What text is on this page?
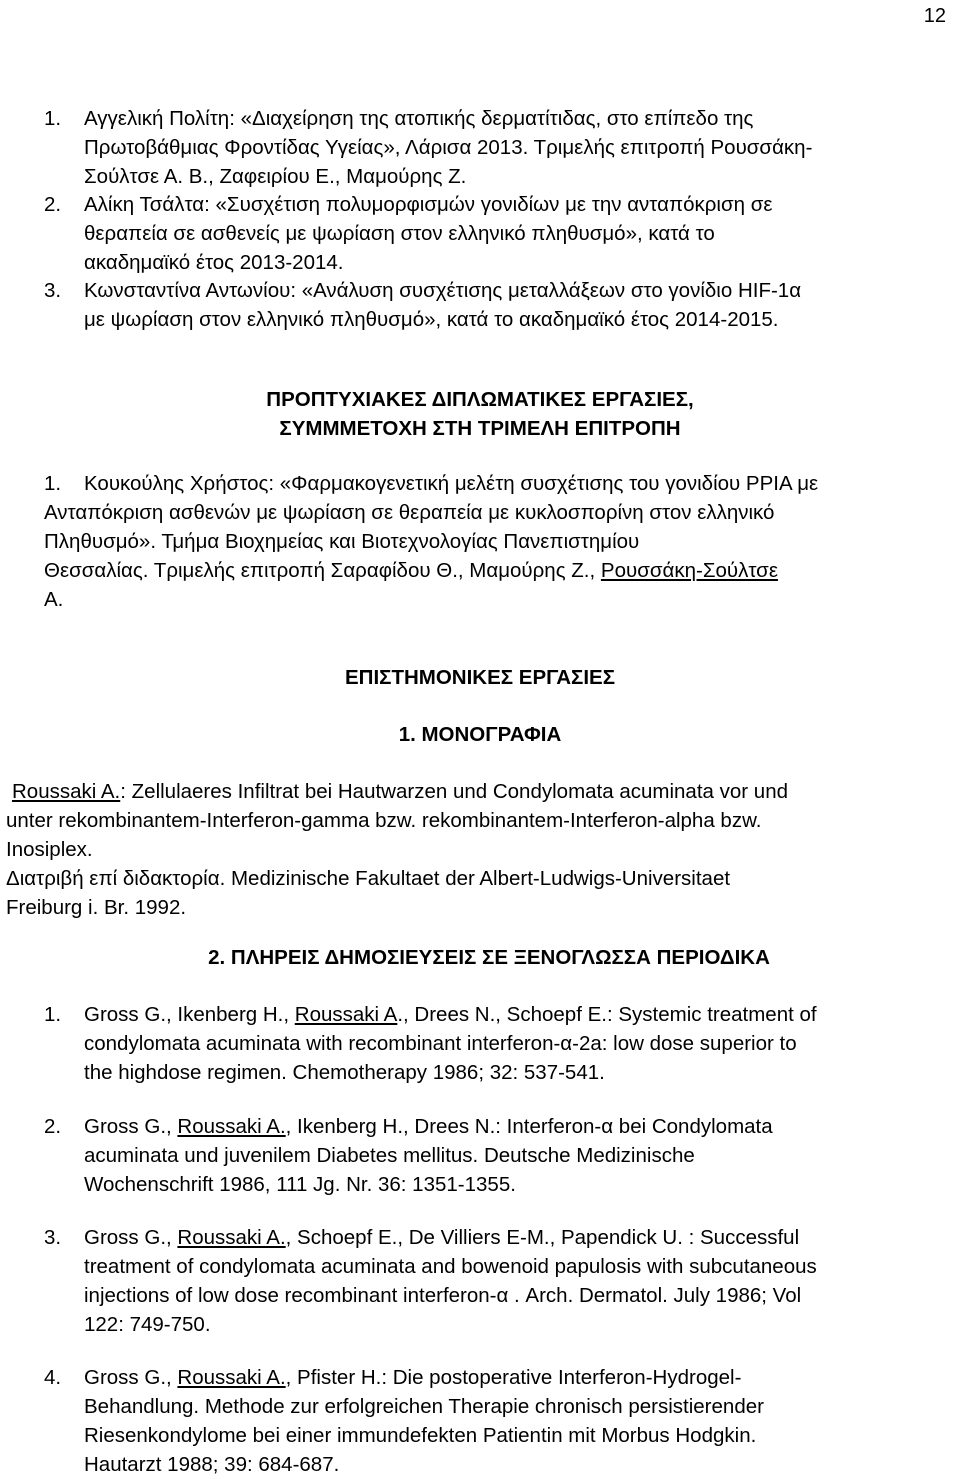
12
1. Αγγελική Πολίτη: «Διαχείρηση της ατοπικής δερματίτιδας, στο επίπεδο της

Πρωτοβάθμιας Φροντίδας Υγείας», Λάρισα 2013. Τριμελής επιτροπή Ρουσσάκη-

Σούλτσε Α. Β., Ζαφειρίου Ε., Μαμούρης Ζ.

2. Αλίκη Τσάλτα: «Συσχέτιση πολυμορφισμών γονιδίων με την ανταπόκριση σε

θεραπεία σε ασθενείς με ψωρίαση στον ελληνικό πληθυσμό», κατά το

ακαδημαϊκό έτος 2013-2014.

3. Κωνσταντίνα Αντωνίου: «Ανάλυση συσχέτισης μεταλλάξεων στο γονίδιο HIF-1α

με ψωρίαση στον ελληνικό πληθυσμό», κατά το ακαδημαϊκό έτος 2014-2015.

ΠΡΟΠΤΥΧΙΑΚΕΣ ΔΙΠΛΩΜΑΤΙΚΕΣ ΕΡΓΑΣΙΕΣ,

ΣΥΜΜΜΕΤΟΧΗ ΣΤΗ ΤΡΙΜΕΛΗ ΕΠΙΤΡΟΠΗ

1. Κουκούλης Χρήστος: «Φαρμακογενετική μελέτη συσχέτισης του γονιδίου PPIA με

Ανταπόκριση ασθενών με ψωρίαση σε θεραπεία με κυκλοσπορίνη στον ελληνικό

Πληθυσμό». Τμήμα Βιοχημείας και Βιοτεχνολογίας Πανεπιστημίου

Θεσσαλίας. Τριμελής επιτροπή Σαραφίδου Θ., Μαμούρης Ζ., Ρουσσάκη-Σούλτσε

Α.

ΕΠΙΣΤΗΜΟΝΙΚΕΣ ΕΡΓΑΣΙΕΣ
1. ΜΟΝΟΓΡΑΦΙΑ

Roussaki A.: Zellulaeres Infiltrat bei Hautwarzen und Condylomata acuminata vor und

unter rekombinantem-Interferon-gamma bzw. rekombinantem-Interferon-alpha bzw.

Inosiplex.

Διατριβή επί διδακτορία. Medizinische Fakultaet der Albert-Ludwigs-Universitaet

Freiburg i. Br. 1992.

2. ΠΛΗΡΕΙΣ ΔΗΜΟΣΙΕΥΣΕΙΣ ΣΕ ΞΕΝΟΓΛΩΣΣΑ ΠΕΡΙΟΔΙΚΑ
1. Gross G., Ikenberg H., Roussaki A., Drees N., Schoepf E.: Systemic treatment of

condylomata acuminata with recombinant interferon-α-2a: low dose superior to

the highdose regimen. Chemotherapy 1986; 32: 537-541.

2. Gross G., Roussaki A., Ikenberg H., Drees N.: Interferon-α bei Condylomata

acuminata und juvenilem Diabetes mellitus. Deutsche Medizinische

Wochenschrift 1986, 111 Jg. Nr. 36: 1351-1355.

3. Gross G., Roussaki A., Schoepf E., De Villiers E-M., Papendick U. : Successful

treatment of condylomata acuminata and bowenoid papulosis with subcutaneous

injections of low dose recombinant interferon-α . Arch. Dermatol. July 1986; Vol

122: 749-750.

4. Gross G., Roussaki A., Pfister H.: Die postoperative Interferon-Hydrogel-

Behandlung. Methode zur erfolgreichen Therapie chronisch persistierender

Riesenkondylome bei einer immundefekten Patientin mit Morbus Hodgkin.

Hautarzt 1988; 39: 684-687.
